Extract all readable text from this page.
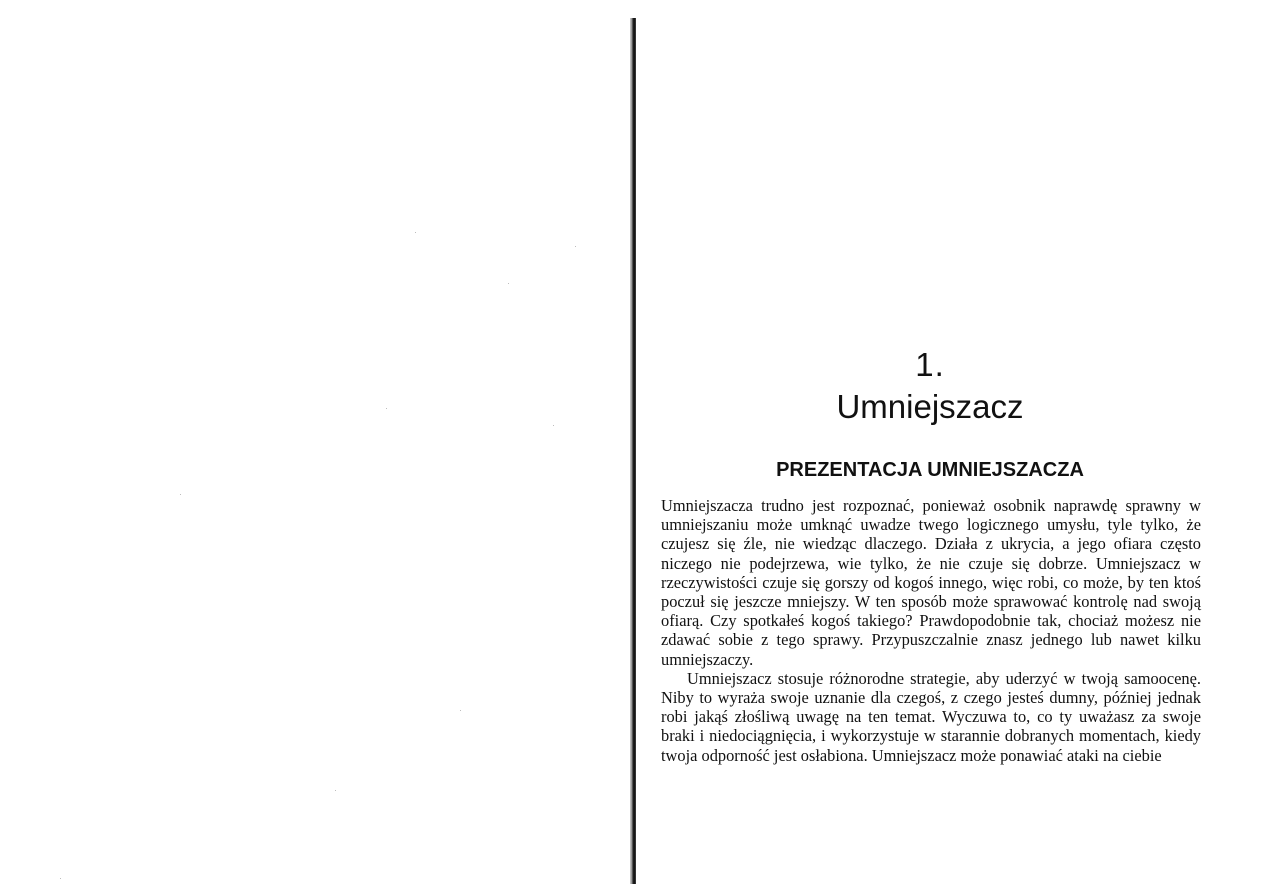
1.
Umniejszacz
PREZENTACJA UMNIEJSZACZA

Umniejszacza trudno jest rozpoznać, ponieważ osobnik naprawdę sprawny w umniejszaniu może umknąć uwadze twego logicznego umysłu, tyle tylko, że czujesz się źle, nie wiedząc dlaczego. Działa z ukrycia, a jego ofiara często niczego nie podejrzewa, wie tylko, że nie czuje się dobrze. Umniejszacz w rzeczywistości czuje się gorszy od kogoś innego, więc robi, co może, by ten ktoś poczuł się jeszcze mniejszy. W ten sposób może sprawować kontrolę nad swoją ofiarą. Czy spotkałeś kogoś takiego? Prawdopodobnie tak, chociaż możesz nie zdawać sobie z tego sprawy. Przypuszczalnie znasz jednego lub nawet kilku umniejszaczy.

Umniejszacz stosuje różnorodne strategie, aby uderzyć w twoją samoocenę. Niby to wyraża swoje uznanie dla czegoś, z czego jesteś dumny, później jednak robi jakąś złośliwą uwagę na ten temat. Wyczuwa to, co ty uważasz za swoje braki i niedociągnięcia, i wykorzystuje w starannie dobranych momentach, kiedy twoja odporność jest osłabiona. Umniejszacz może ponawiać ataki na ciebie
